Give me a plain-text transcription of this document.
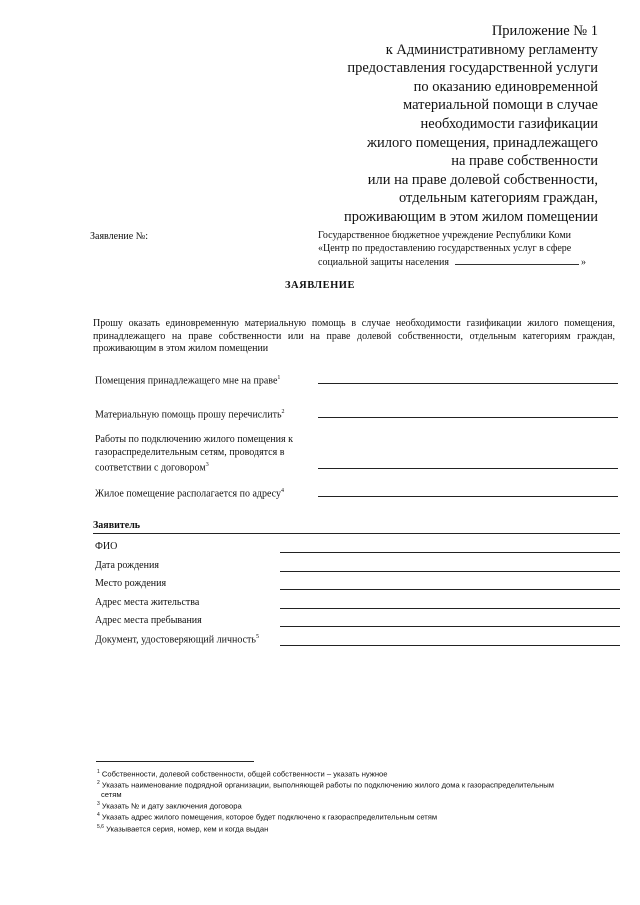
Приложение № 1
к Административному регламенту
предоставления государственной услуги
по оказанию единовременной
материальной помощи в случае
необходимости газификации
жилого помещения, принадлежащего
на праве собственности
или на праве долевой собственности,
отдельным категориям граждан,
проживающим в этом жилом помещении
Заявление №:	Государственное бюджетное учреждение Республики Коми
«Центр по предоставлению государственных услуг в сфере
социальной защиты населения	»
ЗАЯВЛЕНИЕ
Прошу оказать единовременную материальную помощь в случае необходимости газификации жилого помещения, принадлежащего на праве собственности или на праве долевой собственности, отдельным категориям граждан, проживающим в этом жилом помещении
Помещения принадлежащего мне на праве$^1$
Материальную помощь прошу перечислить$^2$
Работы по подключению жилого помещения к
газораспределительным сетям, проводятся в
соответствии с договором$^3$
Жилое помещение располагается по адресу$^4$
Заявитель
ФИО
Дата рождения
Место рождения
Адрес места жительства
Адрес места пребывания
Документ, удостоверяющий личность$^5$
$^1$ Собственности, долевой собственности, общей собственности – указать нужное
$^2$ Указать наименование подрядной организации, выполняющей работы по подключению жилого дома к газораспределительным
сетям
$^3$ Указать № и дату заключения договора
$^4$ Указать адрес жилого помещения, которое будет подключено к газораспределительным сетям
$^{5,6}$ Указывается серия, номер, кем и когда выдан
